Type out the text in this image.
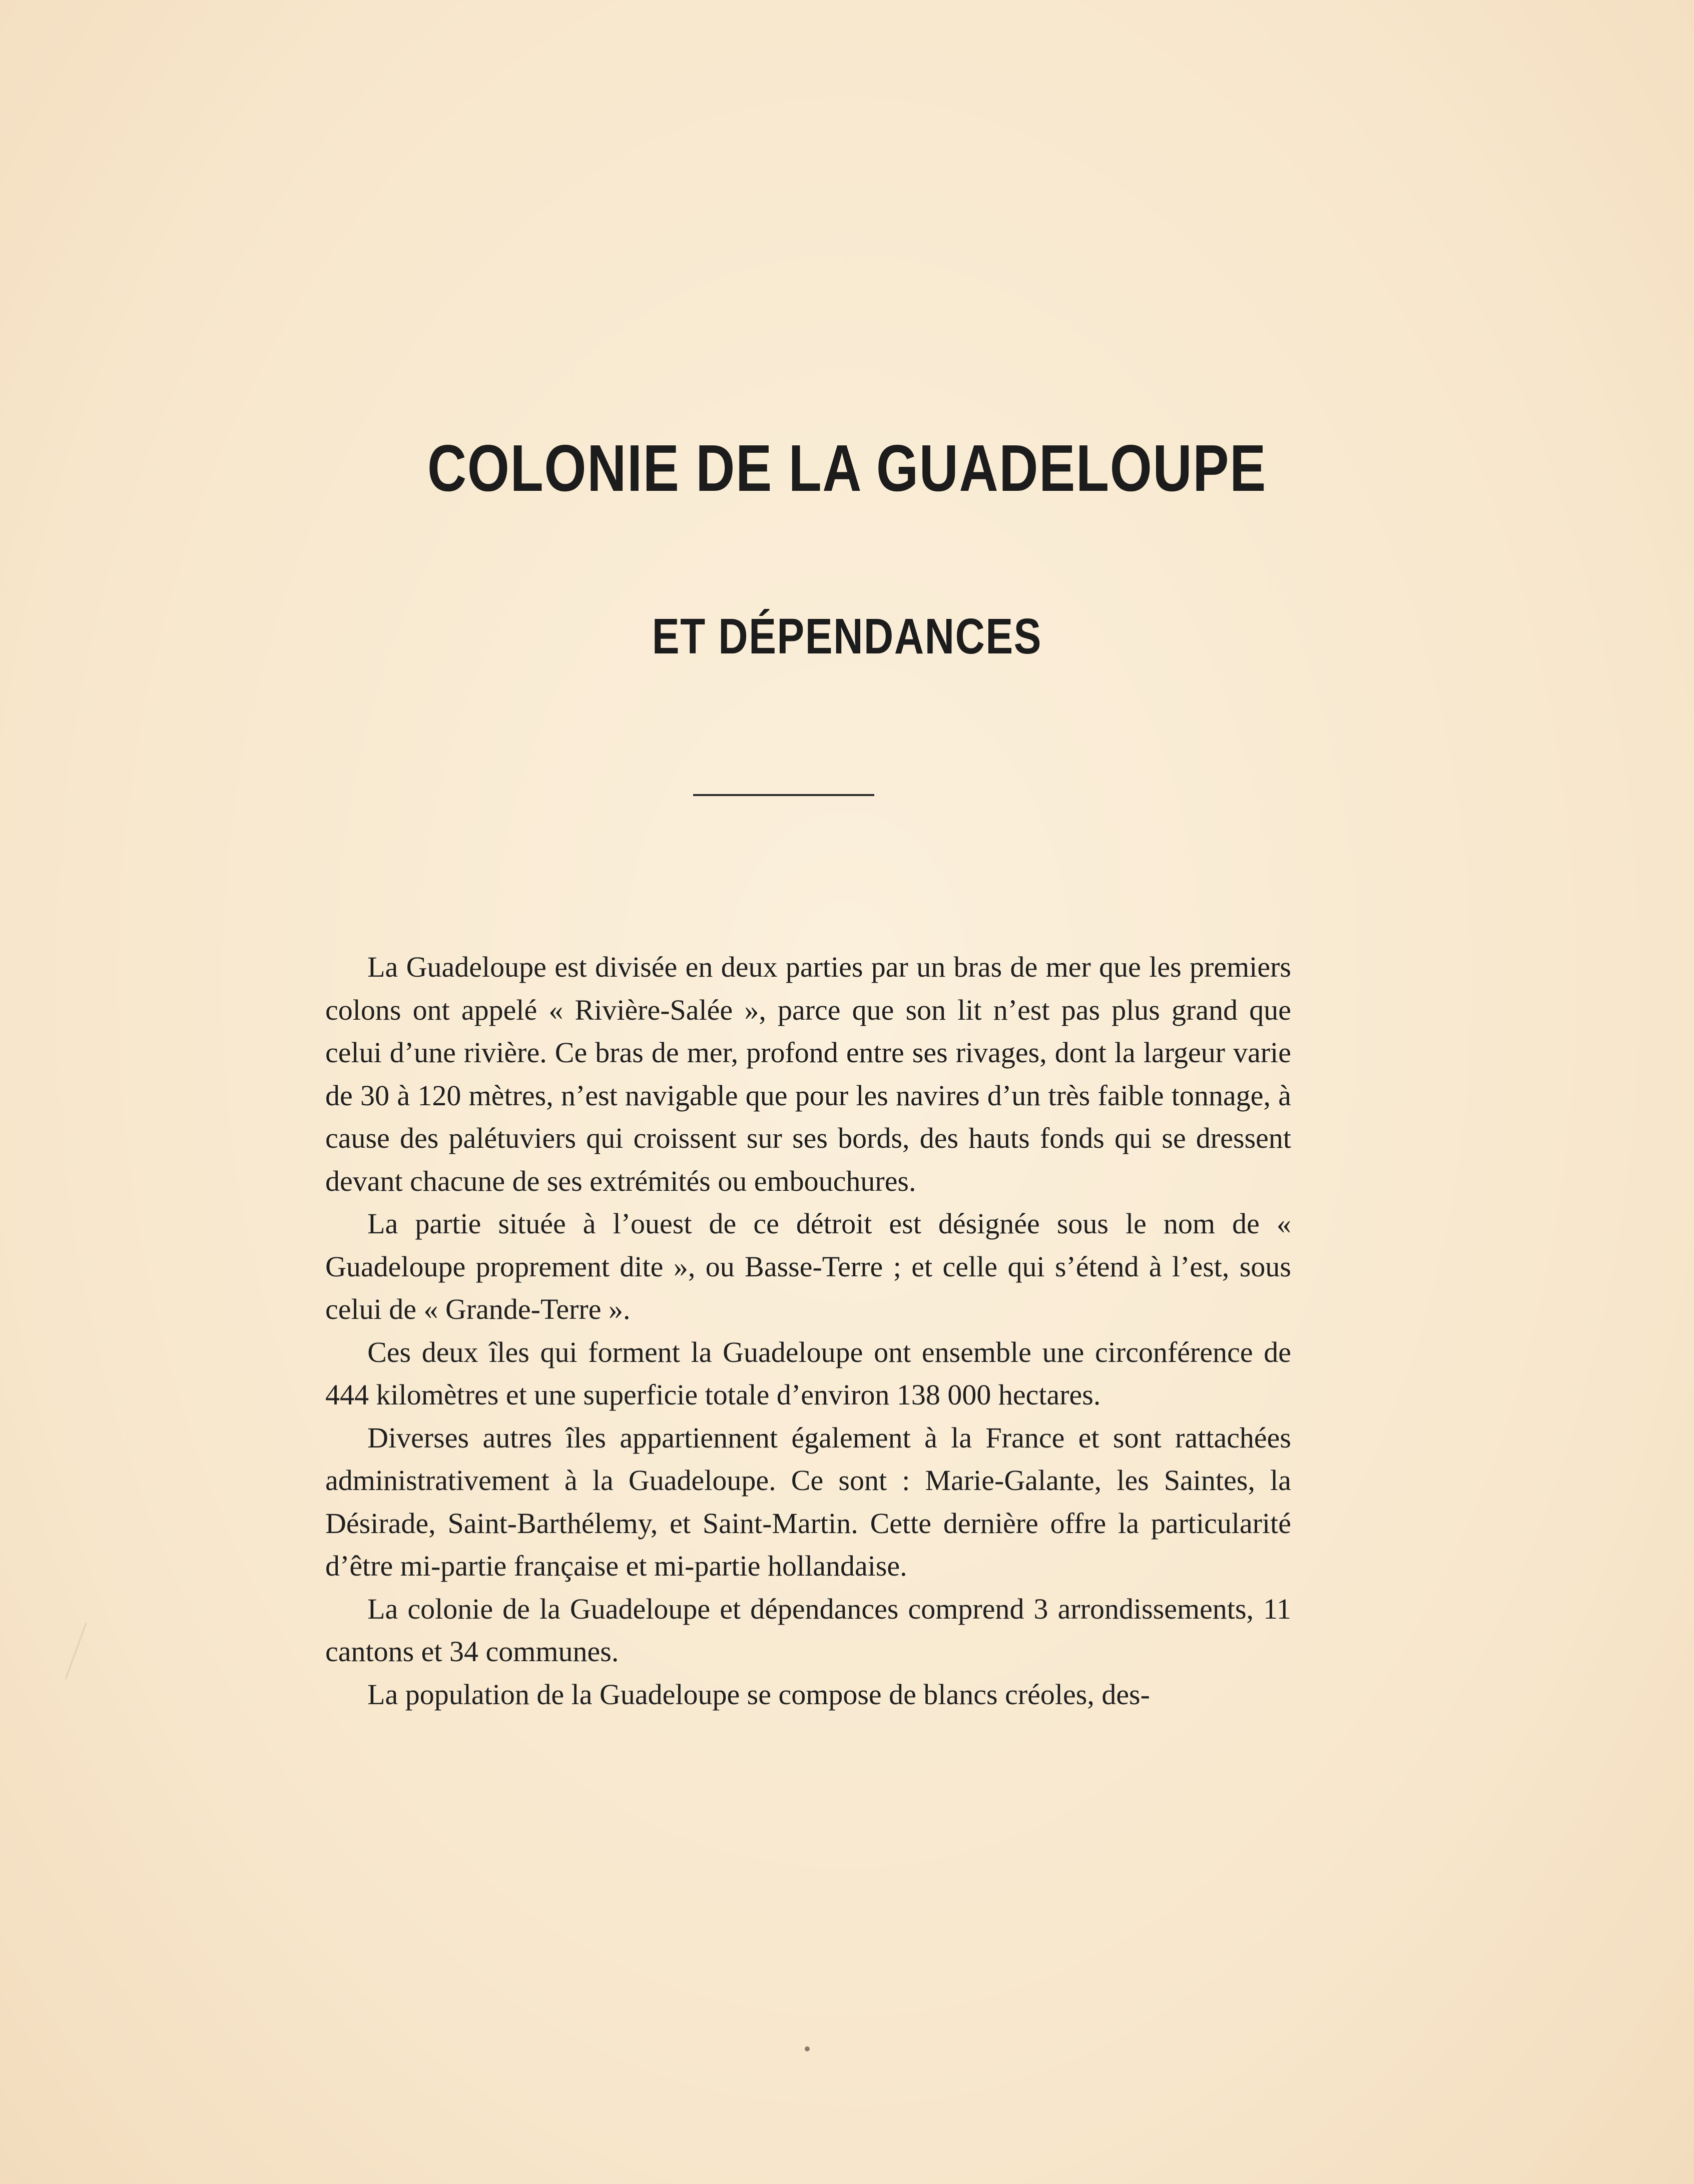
COLONIE DE LA GUADELOUPE
ET DÉPENDANCES

La Guadeloupe est divisée en deux parties par un bras de mer que les premiers colons ont appelé « Rivière-Salée », parce que son lit n’est pas plus grand que celui d’une rivière. Ce bras de mer, profond entre ses rivages, dont la largeur varie de 30 à 120 mètres, n’est navigable que pour les navires d’un très faible tonnage, à cause des palétuviers qui croissent sur ses bords, des hauts fonds qui se dressent devant chacune de ses extrémités ou embouchures.

La partie située à l’ouest de ce détroit est désignée sous le nom de « Guadeloupe proprement dite », ou Basse-Terre ; et celle qui s’étend à l’est, sous celui de « Grande-Terre ».

Ces deux îles qui forment la Guadeloupe ont ensemble une circonférence de 444 kilomètres et une superficie totale d’environ 138 000 hectares.

Diverses autres îles appartiennent également à la France et sont rattachées administrativement à la Guadeloupe. Ce sont : Marie-Galante, les Saintes, la Désirade, Saint-Barthélemy, et Saint-Martin. Cette dernière offre la particularité d’être mi-partie française et mi-partie hollandaise.

La colonie de la Guadeloupe et dépendances comprend 3 arrondissements, 11 cantons et 34 communes.

La population de la Guadeloupe se compose de blancs créoles, des-
